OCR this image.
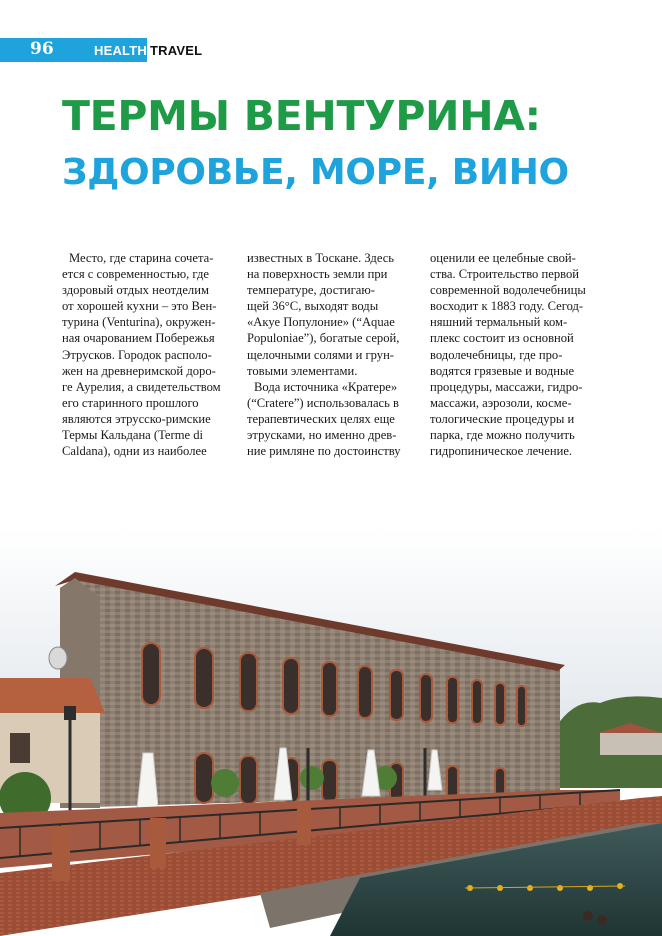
96	HEALTH TRAVEL
ТЕРМЫ ВЕНТУРИНА:
ЗДОРОВЬЕ, МОРЕ, ВИНО
Место, где старина сочета-
ется с современностью, где
здоровый отдых неотделим
от хорошей кухни – это Вен-
турина (Venturina), окружен-
ная очарованием Побережья
Этрусков. Городок располо-
жен на древнеримской доро-
ге Аурелия, а свидетельством
его старинного прошлого
являются этрусско-римские
Термы Кальдана (Terme di
Caldana), одни из наиболее
известных в Тоскане. Здесь
на поверхность земли при
температуре, достигаю-
щей 36°С, выходят воды
«Акуе Популоние» (“Aquae
Populoniae”), богатые серой,
щелочными солями и грун-
товыми элементами.
Вода источника «Кратере»
(“Cratere”) использовалась в
терапевтических целях еще
этрусками, но именно древ-
ние римляне по достоинству
оценили ее целебные свой-
ства. Строительство первой
современной водолечебницы
восходит к 1883 году. Сегод-
няшний термальный ком-
плекс состоит из основной
водолечебницы, где про-
водятся грязевые и водные
процедуры, массажи, гидро-
массажи, аэрозоли, космe-
тологические процедуры и
парка, где можно получить
гидропиническое лечение.
